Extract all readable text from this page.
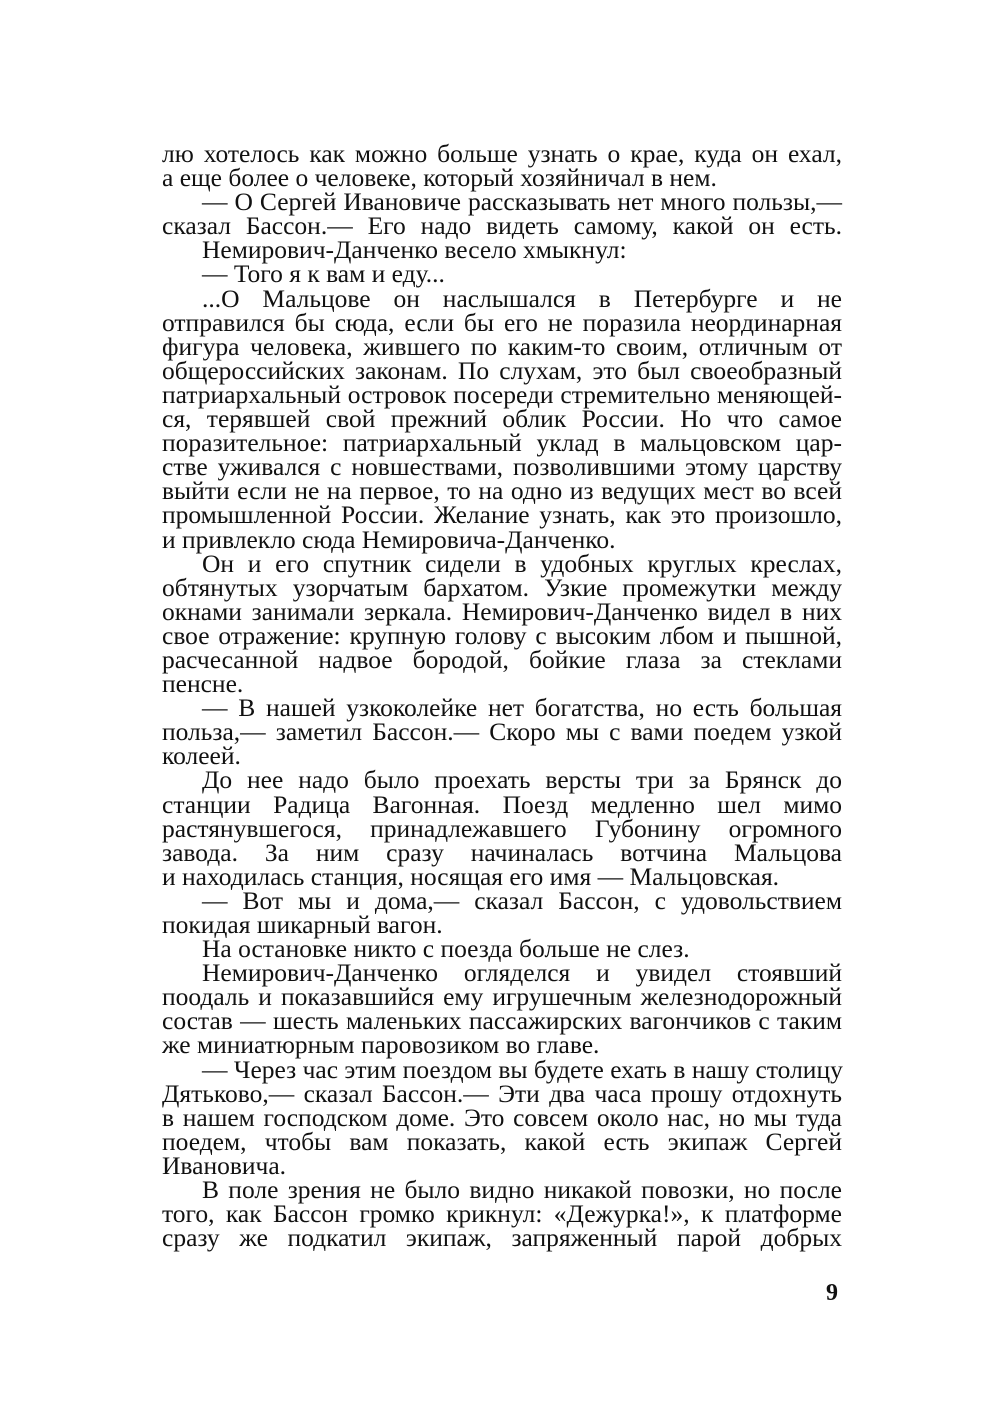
лю хотелось как можно больше узнать о крае, куда он ехал,
а еще более о человеке, который хозяйничал в нем.
— О Сергей Ивановиче рассказывать нет много пользы,—
сказал Бассон.— Его надо видеть самому, какой он есть.
Немирович-Данченко весело хмыкнул:
— Того я к вам и еду...
...О Мальцове он наслышался в Петербурге и не
отправился бы сюда, если бы его не поразила неординарная
фигура человека, жившего по каким-то своим, отличным от
общероссийских законам. По слухам, это был своеобразный
патриархальный островок посереди стремительно меняющей-
ся, терявшей свой прежний облик России. Но что самое
поразительное: патриархальный уклад в мальцовском цар-
стве уживался с новшествами, позволившими этому царству
выйти если не на первое, то на одно из ведущих мест во всей
промышленной России. Желание узнать, как это произошло,
и привлекло сюда Немировича-Данченко.
Он и его спутник сидели в удобных круглых креслах,
обтянутых узорчатым бархатом. Узкие промежутки между
окнами занимали зеркала. Немирович-Данченко видел в них
свое отражение: крупную голову с высоким лбом и пышной,
расчесанной надвое бородой, бойкие глаза за стеклами
пенсне.
— В нашей узкоколейке нет богатства, но есть большая
польза,— заметил Бассон.— Скоро мы с вами поедем узкой
колеей.
До нее надо было проехать версты три за Брянск до
станции Радица Вагонная. Поезд медленно шел мимо
растянувшегося, принадлежавшего Губонину огромного
завода. За ним сразу начиналась вотчина Мальцова
и находилась станция, носящая его имя — Мальцовская.
— Вот мы и дома,— сказал Бассон, с удовольствием
покидая шикарный вагон.
На остановке никто с поезда больше не слез.
Немирович-Данченко огляделся и увидел стоявший
поодаль и показавшийся ему игрушечным железнодорожный
состав — шесть маленьких пассажирских вагончиков с таким
же миниатюрным паровозиком во главе.
— Через час этим поездом вы будете ехать в нашу столицу
Дятьково,— сказал Бассон.— Эти два часа прошу отдохнуть
в нашем господском доме. Это совсем около нас, но мы туда
поедем, чтобы вам показать, какой есть экипаж Сергей
Ивановича.
В поле зрения не было видно никакой повозки, но после
того, как Бассон громко крикнул: «Дежурка!», к платформе
сразу же подкатил экипаж, запряженный парой добрых
9
